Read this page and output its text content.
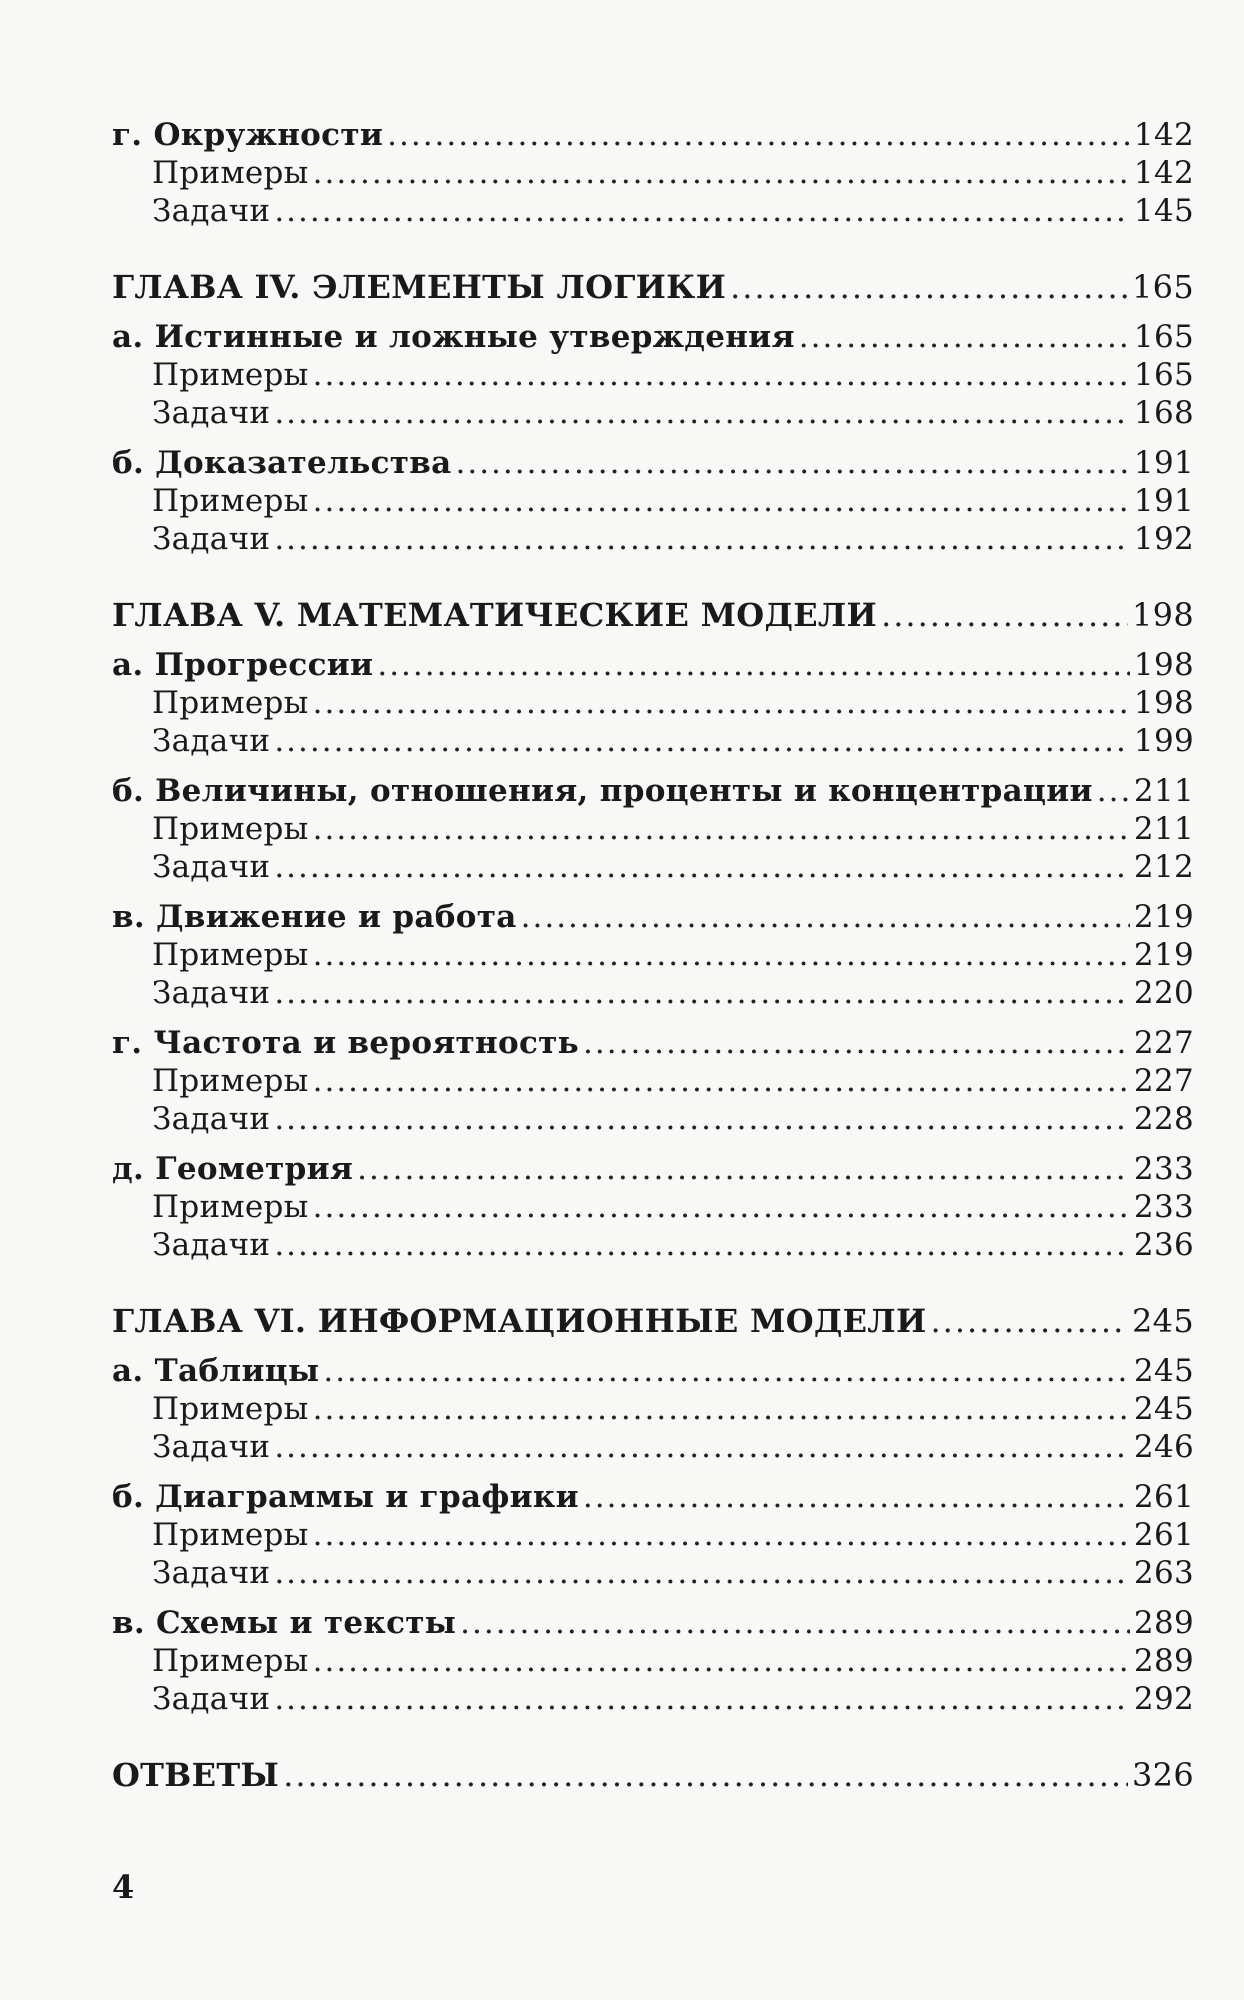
г. Окружности .....	142
Примеры .....	142
Задачи .....	145
ГЛАВА IV. ЭЛЕМЕНТЫ ЛОГИКИ .....	165
а. Истинные и ложные утверждения .....	165
Примеры .....	165
Задачи .....	168
б. Доказательства .....	191
Примеры .....	191
Задачи .....	192
ГЛАВА V. МАТЕМАТИЧЕСКИЕ МОДЕЛИ .....	198
а. Прогрессии .....	198
Примеры .....	198
Задачи .....	199
б. Величины, отношения, проценты и концентрации ..... 211
Примеры .....	211
Задачи .....	212
в. Движение и работа .....	219
Примеры .....	219
Задачи .....	220
г. Частота и вероятность .....	227
Примеры .....	227
Задачи .....	228
д. Геометрия .....	233
Примеры .....	233
Задачи .....	236
ГЛАВА VI. ИНФОРМАЦИОННЫЕ МОДЕЛИ .....	245
а. Таблицы .....	245
Примеры .....	245
Задачи .....	246
б. Диаграммы и графики .....	261
Примеры .....	261
Задачи .....	263
в. Схемы и тексты .....	289
Примеры .....	289
Задачи .....	292
ОТВЕТЫ .....	326
4
